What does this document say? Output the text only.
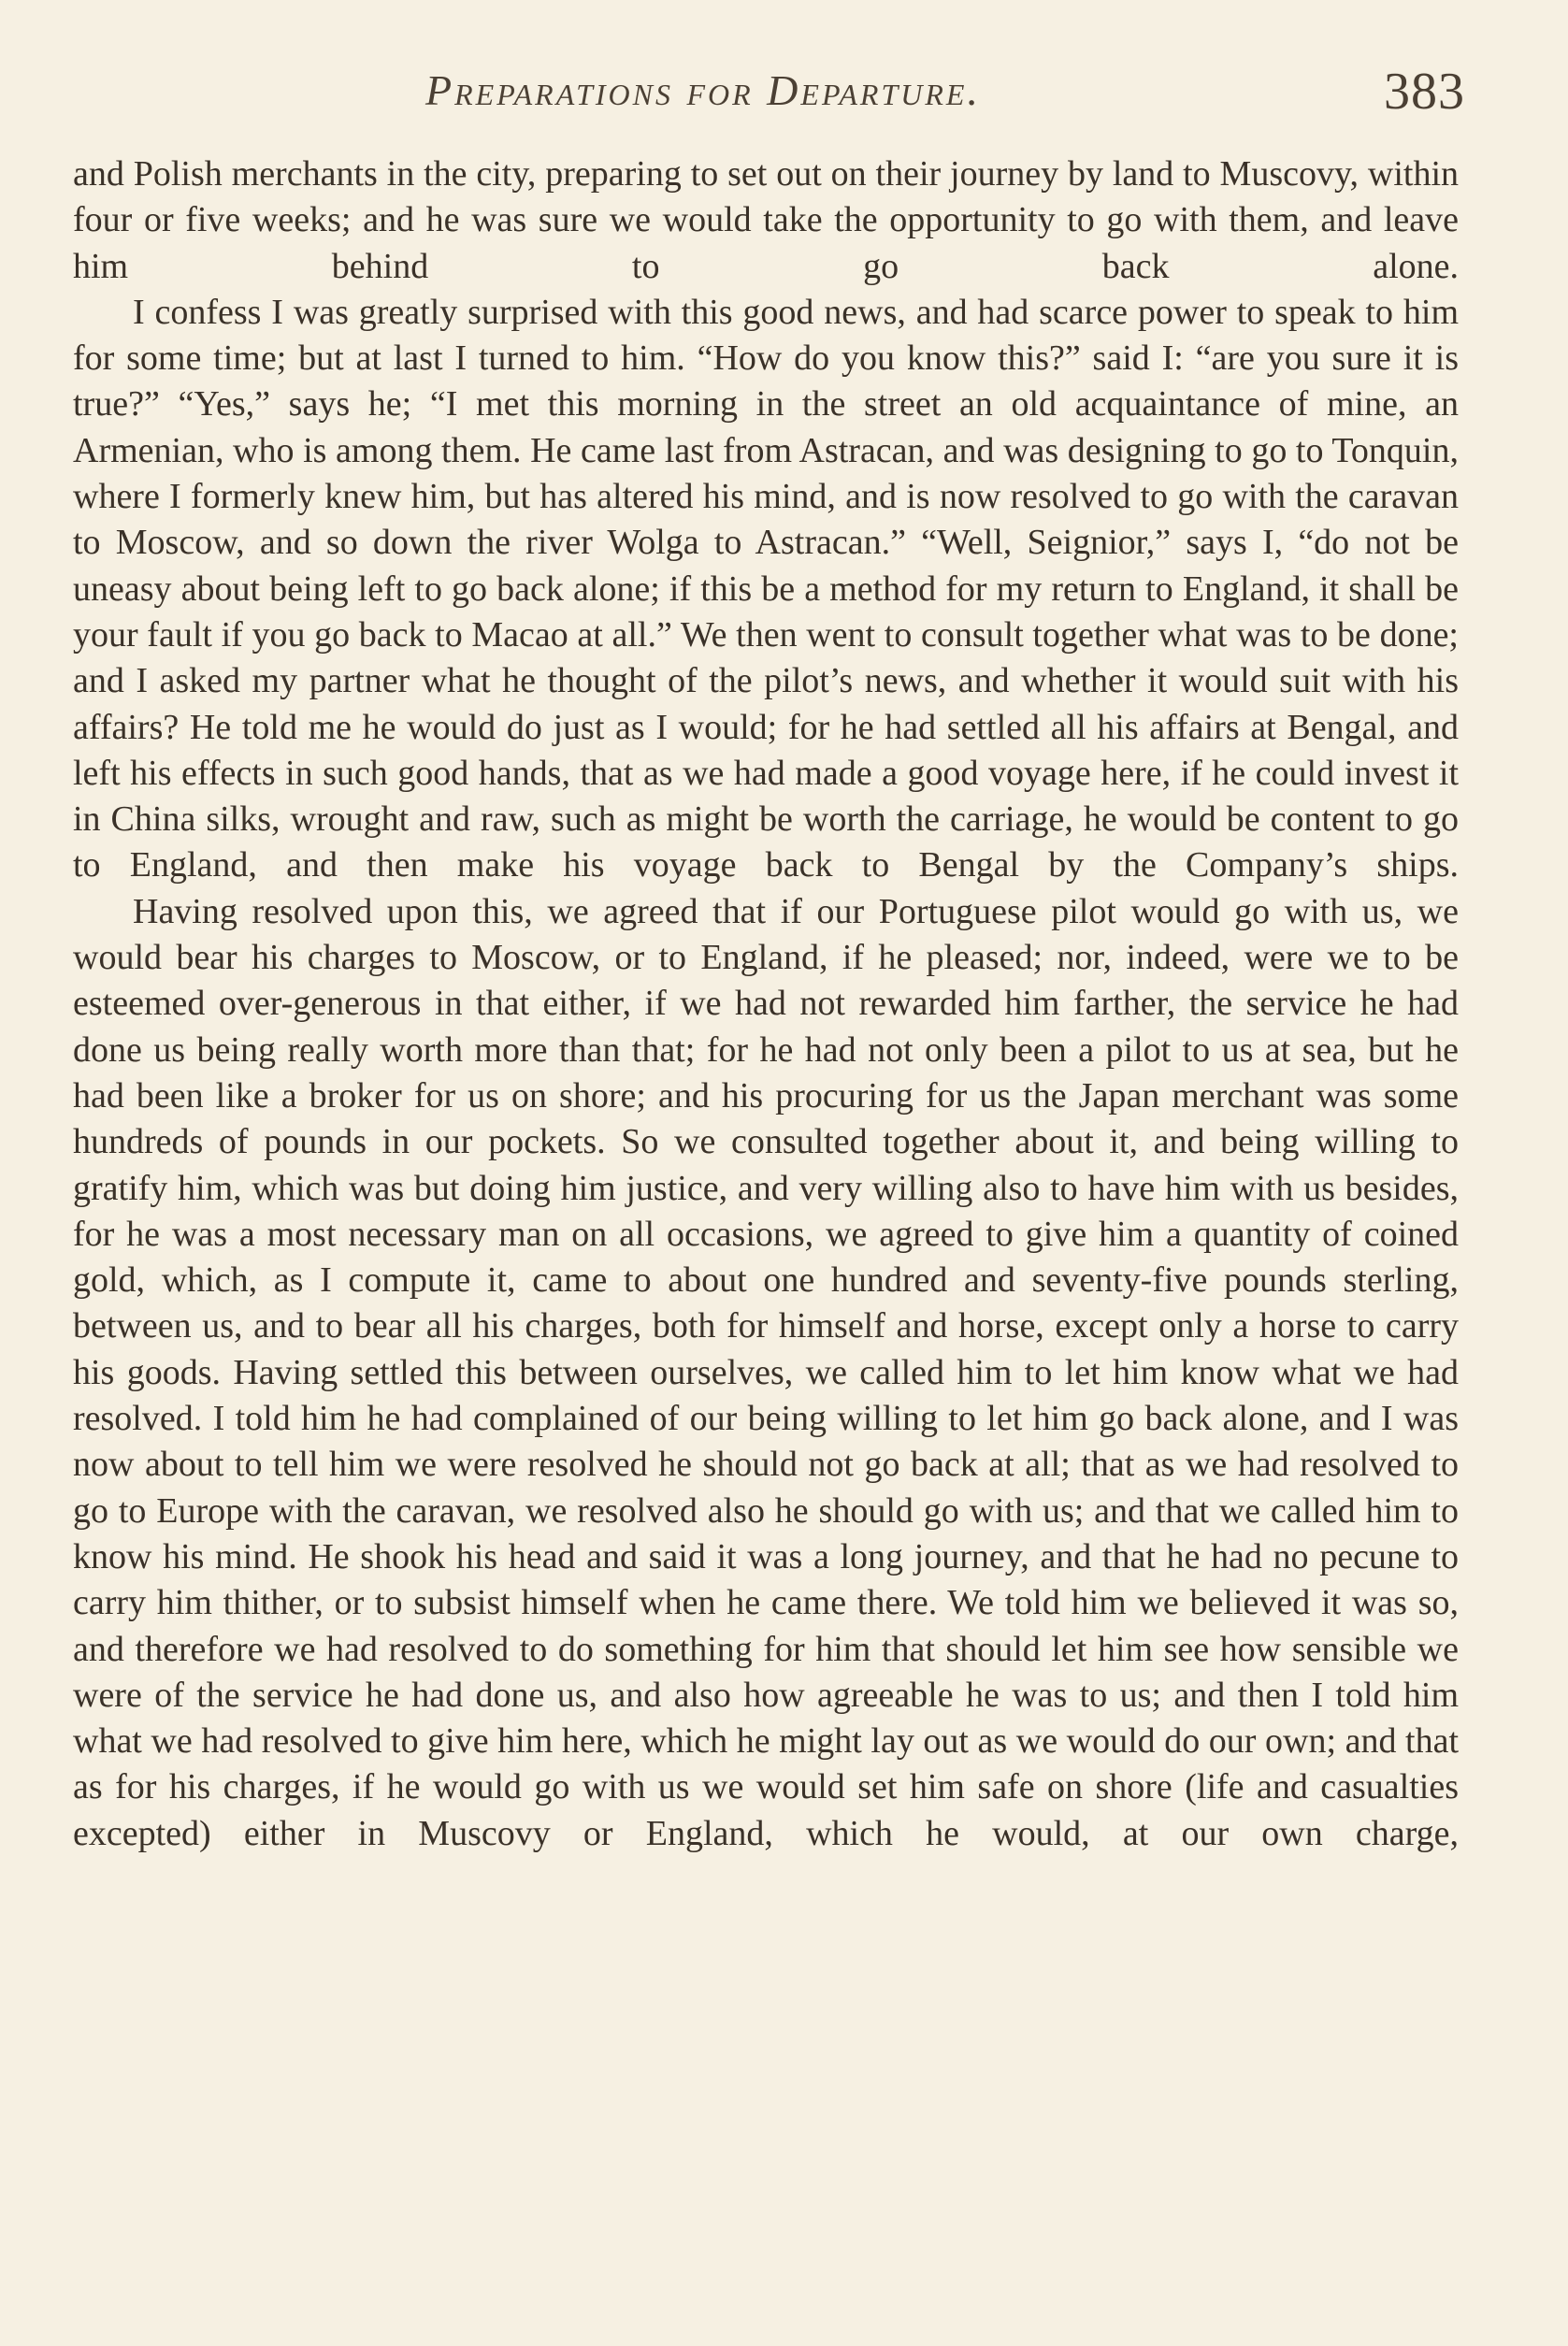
Preparations for Departure.	383

and Polish merchants in the city, preparing to set out on their journey by land to Muscovy, within four or five weeks; and he was sure we would take the opportunity to go with them, and leave him behind to go back alone.

I confess I was greatly surprised with this good news, and had scarce power to speak to him for some time; but at last I turned to him. “How do you know this?” said I: “are you sure it is true?” “Yes,” says he; “I met this morning in the street an old acquaintance of mine, an Armenian, who is among them. He came last from Astracan, and was designing to go to Tonquin, where I formerly knew him, but has altered his mind, and is now resolved to go with the caravan to Moscow, and so down the river Wolga to Astracan.” “Well, Seignior,” says I, “do not be uneasy about being left to go back alone; if this be a method for my return to England, it shall be your fault if you go back to Macao at all.” We then went to consult together what was to be done; and I asked my partner what he thought of the pilot’s news, and whether it would suit with his affairs? He told me he would do just as I would; for he had settled all his affairs at Bengal, and left his effects in such good hands, that as we had made a good voyage here, if he could invest it in China silks, wrought and raw, such as might be worth the carriage, he would be content to go to England, and then make his voyage back to Bengal by the Company’s ships.

Having resolved upon this, we agreed that if our Portuguese pilot would go with us, we would bear his charges to Moscow, or to England, if he pleased; nor, indeed, were we to be esteemed over-generous in that either, if we had not rewarded him farther, the service he had done us being really worth more than that; for he had not only been a pilot to us at sea, but he had been like a broker for us on shore; and his procuring for us the Japan merchant was some hundreds of pounds in our pockets. So we consulted together about it, and being willing to gratify him, which was but doing him justice, and very willing also to have him with us besides, for he was a most necessary man on all occasions, we agreed to give him a quantity of coined gold, which, as I compute it, came to about one hundred and seventy-five pounds sterling, between us, and to bear all his charges, both for himself and horse, except only a horse to carry his goods. Having settled this between ourselves, we called him to let him know what we had resolved. I told him he had complained of our being willing to let him go back alone, and I was now about to tell him we were resolved he should not go back at all; that as we had resolved to go to Europe with the caravan, we resolved also he should go with us; and that we called him to know his mind. He shook his head and said it was a long journey, and that he had no pecune to carry him thither, or to subsist himself when he came there. We told him we believed it was so, and therefore we had resolved to do something for him that should let him see how sensible we were of the service he had done us, and also how agreeable he was to us; and then I told him what we had resolved to give him here, which he might lay out as we would do our own; and that as for his charges, if he would go with us we would set him safe on shore (life and casualties excepted) either in Muscovy or England, which he would, at our own charge,
